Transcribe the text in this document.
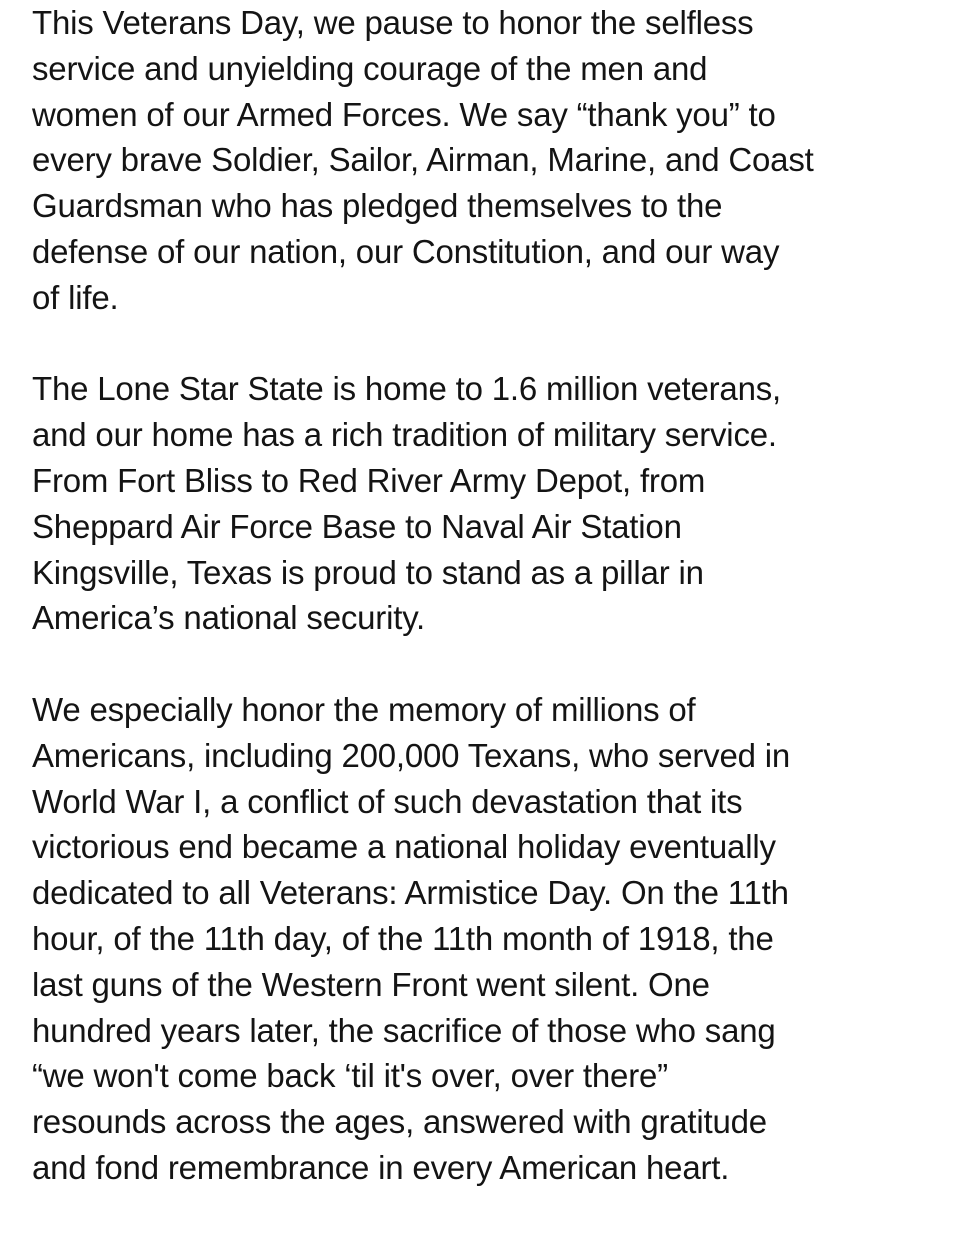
This Veterans Day, we pause to honor the selfless
service and unyielding courage of the men and
women of our Armed Forces. We say “thank you” to
every brave Soldier, Sailor, Airman, Marine, and Coast
Guardsman who has pledged themselves to the
defense of our nation, our Constitution, and our way
of life.

The Lone Star State is home to 1.6 million veterans,
and our home has a rich tradition of military service.
From Fort Bliss to Red River Army Depot, from
Sheppard Air Force Base to Naval Air Station
Kingsville, Texas is proud to stand as a pillar in
America’s national security.

We especially honor the memory of millions of
Americans, including 200,000 Texans, who served in
World War I, a conflict of such devastation that its
victorious end became a national holiday eventually
dedicated to all Veterans: Armistice Day. On the 11th
hour, of the 11th day, of the 11th month of 1918, the
last guns of the Western Front went silent. One
hundred years later, the sacrifice of those who sang
“we won't come back ‘til it's over, over there”
resounds across the ages, answered with gratitude
and fond remembrance in every American heart.
